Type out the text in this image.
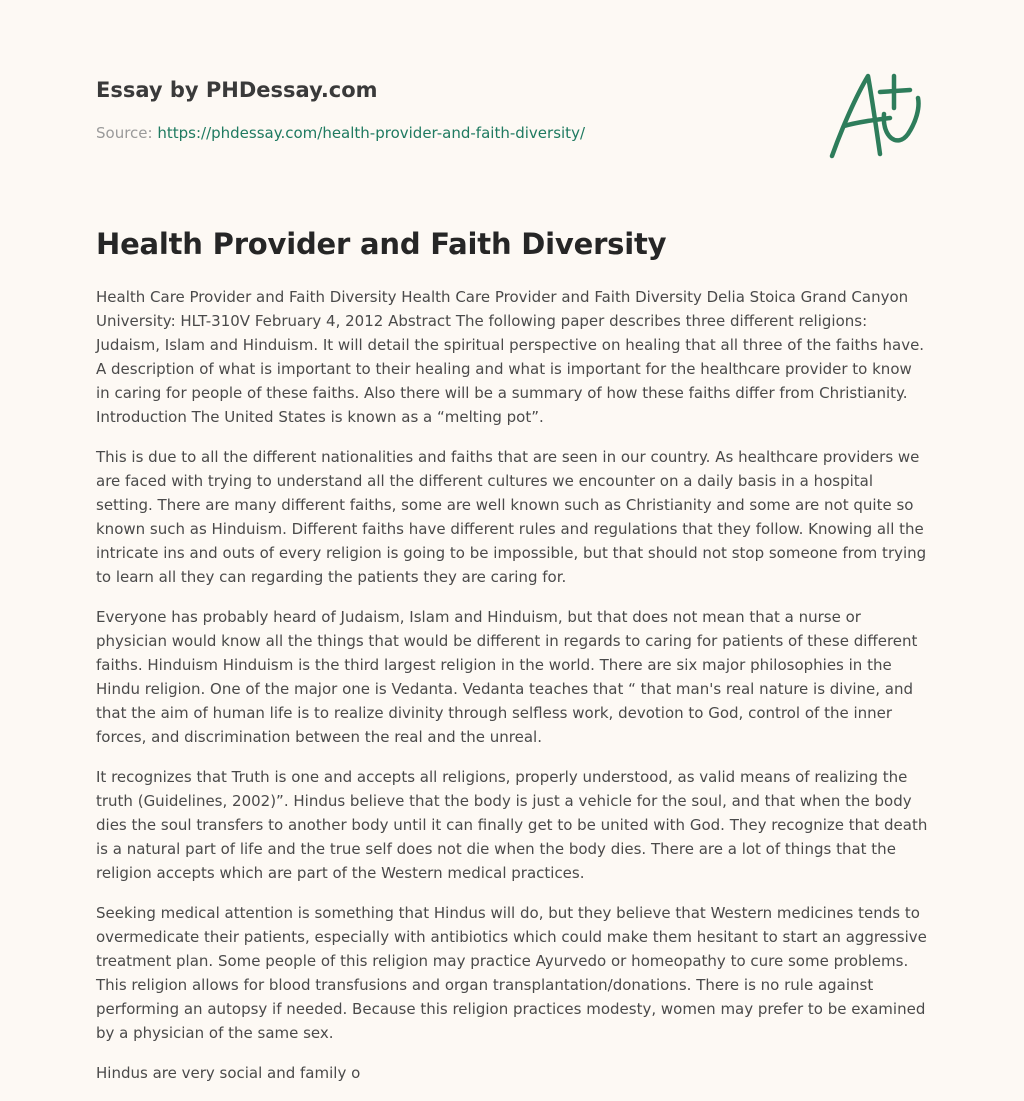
Essay by PHDessay.com
Source: https://phdessay.com/health-provider-and-faith-diversity/
Health Provider and Faith Diversity

Health Care Provider and Faith Diversity Health Care Provider and Faith Diversity Delia Stoica Grand Canyon University: HLT-310V February 4, 2012 Abstract The following paper describes three different religions: Judaism, Islam and Hinduism. It will detail the spiritual perspective on healing that all three of the faiths have. A description of what is important to their healing and what is important for the healthcare provider to know in caring for people of these faiths. Also there will be a summary of how these faiths differ from Christianity. Introduction The United States is known as a “melting pot”.

This is due to all the different nationalities and faiths that are seen in our country. As healthcare providers we are faced with trying to understand all the different cultures we encounter on a daily basis in a hospital setting. There are many different faiths, some are well known such as Christianity and some are not quite so known such as Hinduism. Different faiths have different rules and regulations that they follow. Knowing all the intricate ins and outs of every religion is going to be impossible, but that should not stop someone from trying to learn all they can regarding the patients they are caring for.

Everyone has probably heard of Judaism, Islam and Hinduism, but that does not mean that a nurse or physician would know all the things that would be different in regards to caring for patients of these different faiths. Hinduism Hinduism is the third largest religion in the world. There are six major philosophies in the Hindu religion. One of the major one is Vedanta. Vedanta teaches that “ that man's real nature is divine, and that the aim of human life is to realize divinity through selfless work, devotion to God, control of the inner forces, and discrimination between the real and the unreal.

It recognizes that Truth is one and accepts all religions, properly understood, as valid means of realizing the truth (Guidelines, 2002)”. Hindus believe that the body is just a vehicle for the soul, and that when the body dies the soul transfers to another body until it can finally get to be united with God. They recognize that death is a natural part of life and the true self does not die when the body dies. There are a lot of things that the religion accepts which are part of the Western medical practices.

Seeking medical attention is something that Hindus will do, but they believe that Western medicines tends to overmedicate their patients, especially with antibiotics which could make them hesitant to start an aggressive treatment plan. Some people of this religion may practice Ayurvedo or homeopathy to cure some problems. This religion allows for blood transfusions and organ transplantation/donations. There is no rule against performing an autopsy if needed. Because this religion practices modesty, women may prefer to be examined by a physician of the same sex.

Hindus are very social and family o
